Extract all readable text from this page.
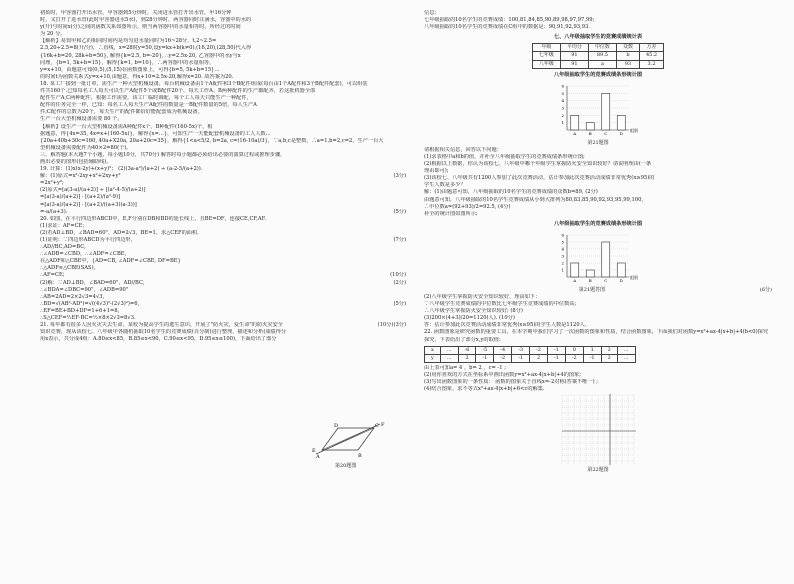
初始时，甲容器打开出水管，甲容器到5分钟时，关闭进水管打开出水管，甲16分钟

时，又打开了进水管(此时甲容器进水5水)，到28分钟时，两容器同时注满水，容器中的水的

y(升)与时间x(分)之间的函数关系如图所示，则当两容器中的水量相等时，所经过的时间

为 20 分。

【解析】易知甲和乙的相同时间内是均匀进水量同时为16~28分，t,2~2.5=

2.5,20÷2.5=8(升/分)，∴直线，x=28时y=50,设y=kx+b(k≠0),(16,20),(28,50)代入得

{16k+b=20, 28k+b=50}, 解得{k=2.5, b=-20}, ∴y=2.5x-20, 乙容器中的水y与x

同理，{b=1, 5k+b=15}，解得{k=1, b=10}，∴两容器中的水量相等，

y=x+10，由题意可知(0,5),(5,15)在函数图象上，可得{b=5, 5k+b=15}...

的时间t为函数关系式y=x+10,由题意，得x+10=2.5x-20,解得x=20. 故答案为20.

18. 某工厂接到一批订单，需生产一种大型机械设备，每台机械设备由1个A配件和3个B配件组成(每台由1个A配件和3个B配件配套)，可以组装

件共160个.已知每名工人每天可以生产A配件5个或B配件20个，每天工作A、B两种配件的生产都配齐，若这批机器全部

配件生产A,C两种配件，根据工作需要，该工厂临时调配，每个工人每天只能生产一种配件，

配件的任务完全一样，已知：每名工人每天生产A配件的数量是一B配件数量的5倍，每人生产A

件;C配件的总数为20个，每天生产的配件都恰好能配套成为机械设备。

生产一台大型机械设备需要 80 个。

【解析】设生产一台大型机械设备需A种配件x个，B种配件(160-5x)个，根

据题意，得{4x=35, 4x=x+(160-5x)}，解得{x=...}，可知生产一天能配套机械设备的工人人数...

{20a+40b+30c=160, 40a+X20a, 20a+20c=35}，解得{1<a<5/2, b=2a, c=(16-10a)/3}，∵a,b,c是整数，∴a=1,b=2,c=2，生产一台大

型机械设备需要配件为40×2=80(个)。

三、解答题(本大题7个小题，每小题10分，共70分) 解答时每小题都必须给出必要的演算过程或推理步骤，

画出必要的图形(包括辅助线)。

19. 计算：(1)x(x-2y)+(x+y)²； (2)(3a-a²)/(a+2) ÷ (a-2-5/(a+2)).

解：(1)原式=x²-2xy+x²+2xy+y²	(3分)

=2x²+y²;

(2)原式=[a(3-a)/(a+2)] ÷ [(a²-4-5)/(a+2)]

=[a(3-a)/(a+2)] · [(a+2)/(a²-9)]

=[a(3-a)/(a+2)] · [(a+2)/((a+3)(a-3))]

=-a/(a+3).	(5分)

20. 如图，在平行四边形ABCD中，E,F分别在DB和BD的延长线上，且BE=DF，连接CE,CF,AF.

(1)求证：AF=CE；

(2)若AD⊥BD，∠BAD=60°，AD=2√3，BE=1，求△CEF的面积.

(1)证明：∵四边形ABCD为平行四边形，	(7分)

∴AD//BC,AD=BC,

∴∠ADB=∠CBD，∴∠ADF=∠CBE，

在△ADF和△CBE中，{AD=CB, ∠ADF=∠CBE, DF=BE}

∴△ADF≌△CBE(SAS)，

∴AF=CE;	(10分)

(2)解：∵AD⊥BD，∠BAD=60°，AD//BC,	(2分)

∴∠BDA=∠DBC=90°，∠ADB=90°

∴AB=2AD=2×2√3=4√3,

∴BD=√(AB²-AD²)=√((4√3)²-(2√3)²)=6,	(5分)

∴EF=BE+BD+DF=1+6+1=8,

∴S△CEF=½EF·BC=½×8×2√3=8√3.

21. 每年都有很多人因火灾失去生命，某校为提高学生的逃生意识，开展了"防火灾，爱生命"的防火灾安全	(3分)
(10分)

知识竞赛，现从该校七、八年级中各随机抽取10名学生的竞赛成绩(百分制)进行整理、描述和分析(成绩得分

用x表示，共分成4组：A.80≤x<85，B.85≤x<90，C.90≤x<95，D.95≤x≤100)，下面给出了部分

A	B
C
D
E
F
第20题图

信息:

七年级抽取的10名学生的竞赛成绩：100,81,84,85,90,89,98,97,97,99;

八年级抽取的10名学生的竞赛成绩在C组中的数据是：90,91,92,93,93.

七、八年级抽取学生的竞赛成绩统计表
年级	平均分	中位数	众数	方差
七年级	91	89.5	b	45.2
八年级	91	a	93	3.2
八年级抽取学生的竞赛成绩条形统计图
1
2
3
4
5
6
A	B	C	D
组别
第21题图

请根据相关信息，回答以下问题：

(1)求表格中a和b的值，并补全八年级抽取学生的竞赛成绩条形统计图;

(2)根据以上数据，你认为该校七、八年级中哪个年级学生掌握防火安全知识较好？请说明理由(一条

理由即可);

(3)该校七、八年级共有1200人参加了此次竞赛活动，估计参加此次竞赛活动成绩非常优秀(x≥95)的

学生人数是多少？

解：(1)由题意可知，八年级抽取的10名学生的竞赛成绩的众数b=89, (2分)

由题意可知，八年级抽取的10名学生竞赛成绩从小到大排列为80,83,85,90,92,93,95,99,100,

∴中位数a=(92+93)/2=92.5, (4分)

补全的统计图如图所示;

八年级抽取学生的竞赛成绩条形统计图
1
2
3
4
5
6
A	B	C	D
组别
第21题答图	(6分)

(2)八年级学生掌握防火安全知识较好，理由如下：

∵八年级学生竞赛成绩的中位数比七年级学生竞赛成绩的中位数高;

∴八年级学生掌握防火安全知识较好; (8分)

(3)200×(4+3)/20=1120(人). (10分)

答：估计参加此次竞赛活动成绩非常优秀(x≥95)的学生人数是1120人.

22. 函数图象是研究函数的重要工具，在本学期中我们学习了一次函数的图象和性质，结合函数图象，下面我们对函数y=x²+ax-4|x+b|+4(b<0)探究

探究，下表给出了部分x,y的取值:

x	...	-6	-5	-4	-3	-2	-1	0	1	2	...
y	...	2	-1	-2	-1	2	-1	-2	-1	2	...

由上表可知a= 4 ，b= 2 ，c= -1 ;

(2)用你喜欢的方式在坐标系中画出函数y=x²+ax-4|x+b|+4的图象;

(3)写出函数图象的一条性质： 函数的图象关于直线x=-2对称(答案不唯一) ;

(4)结合图象，求不等式x²+ax-4|x+b|+6<c的解集.

第22题图
